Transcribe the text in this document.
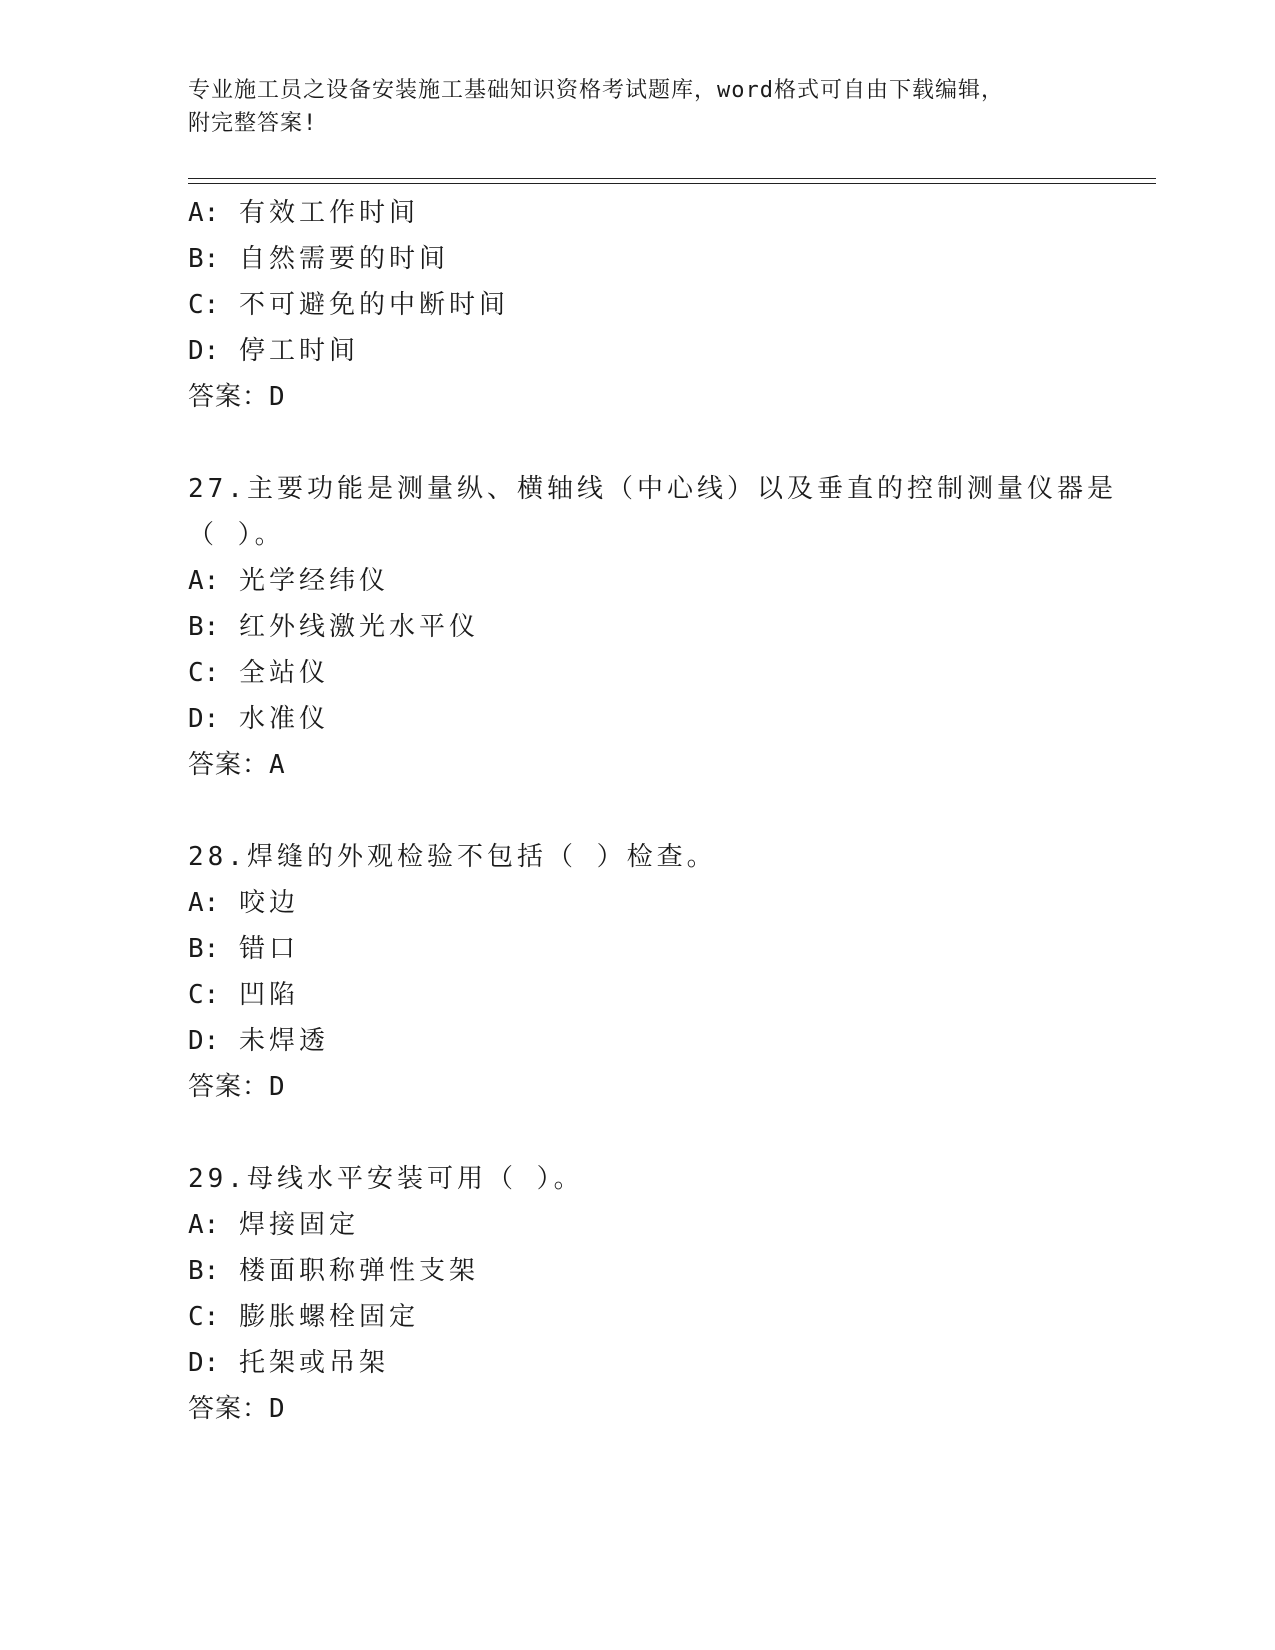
专业施工员之设备安装施工基础知识资格考试题库，word格式可自由下载编辑，
附完整答案!
A: 有效工作时间
B: 自然需要的时间
C: 不可避免的中断时间
D: 停工时间
答案：D
27.主要功能是测量纵、横轴线（中心线）以及垂直的控制测量仪器是
（ ）。
A: 光学经纬仪
B: 红外线激光水平仪
C: 全站仪
D: 水准仪
答案：A
28.焊缝的外观检验不包括（ ）检查。
A: 咬边
B: 错口
C: 凹陷
D: 未焊透
答案：D
29.母线水平安装可用（ ）。
A: 焊接固定
B: 楼面职称弹性支架
C: 膨胀螺栓固定
D: 托架或吊架
答案：D
